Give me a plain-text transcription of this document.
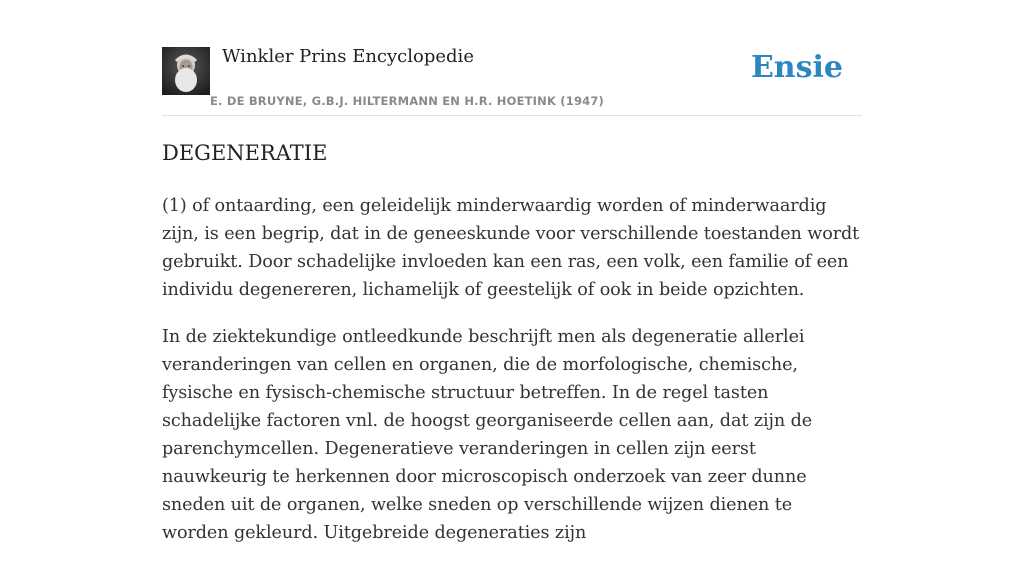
Winkler Prins Encyclopedie
E. DE BRUYNE, G.B.J. HILTERMANN EN H.R. HOETINK (1947)
Ensie
DEGENERATIE

(1) of ontaarding, een geleidelijk minderwaardig worden of minderwaardig zijn, is een begrip, dat in de geneeskunde voor verschillende toestanden wordt gebruikt. Door schadelijke invloeden kan een ras, een volk, een familie of een individu degenereren, lichamelijk of geestelijk of ook in beide opzichten.

In de ziektekundige ontleedkunde beschrijft men als degeneratie allerlei veranderingen van cellen en organen, die de morfologische, chemische, fysische en fysisch-chemische structuur betreffen. In de regel tasten schadelijke factoren vnl. de hoogst georganiseerde cellen aan, dat zijn de parenchymcellen. Degeneratieve veranderingen in cellen zijn eerst nauwkeurig te herkennen door microscopisch onderzoek van zeer dunne sneden uit de organen, welke sneden op verschillende wijzen dienen te worden gekleurd. Uitgebreide degeneraties zijn
